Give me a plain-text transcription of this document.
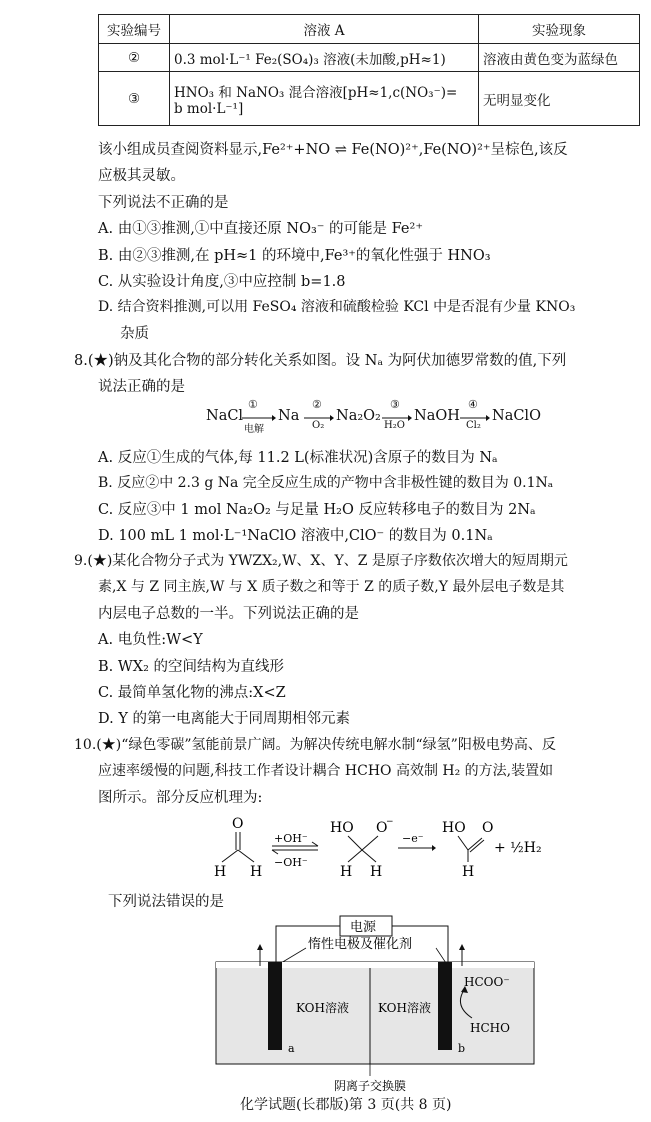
实验编号	溶液 A	实验现象
②	0.3 mol·L⁻¹ Fe₂(SO₄)₃ 溶液(未加酸,pH≈1)	溶液由黄色变为蓝绿色
③	HNO₃ 和 NaNO₃ 混合溶液[pH≈1,c(NO₃⁻)=
b mol·L⁻¹]	无明显变化
该小组成员查阅资料显示,Fe²⁺+NO ⇌ Fe(NO)²⁺,Fe(NO)²⁺呈棕色,该反
应极其灵敏。
下列说法不正确的是
A. 由①③推测,①中直接还原 NO₃⁻ 的可能是 Fe²⁺
B. 由②③推测,在 pH≈1 的环境中,Fe³⁺的氧化性强于 HNO₃
C. 从实验设计角度,③中应控制 b=1.8
D. 结合资料推测,可以用 FeSO₄ 溶液和硫酸检验 KCl 中是否混有少量 KNO₃
杂质
8.(★)钠及其化合物的部分转化关系如图。设 Nₐ 为阿伏加德罗常数的值,下列
说法正确的是
NaCl
①
电解
Na
②
O₂
Na₂O₂
③
H₂O
NaOH
④
Cl₂
NaClO
A. 反应①生成的气体,每 11.2 L(标准状况)含原子的数目为 Nₐ
B. 反应②中 2.3 g Na 完全反应生成的产物中含非极性键的数目为 0.1Nₐ
C. 反应③中 1 mol Na₂O₂ 与足量 H₂O 反应转移电子的数目为 2Nₐ
D. 100 mL 1 mol·L⁻¹NaClO 溶液中,ClO⁻ 的数目为 0.1Nₐ
9.(★)某化合物分子式为 YWZX₂,W、X、Y、Z 是原子序数依次增大的短周期元
素,X 与 Z 同主族,W 与 X 质子数之和等于 Z 的质子数,Y 最外层电子数是其
内层电子总数的一半。下列说法正确的是
A. 电负性:W<Y
B. WX₂ 的空间结构为直线形
C. 最简单氢化物的沸点:X<Z
D. Y 的第一电离能大于同周期相邻元素
10.(★)“绿色零碳”氢能前景广阔。为解决传统电解水制“绿氢”阳极电势高、反
应速率缓慢的问题,科技工作者设计耦合 HCHO 高效制 H₂ 的方法,装置如
图所示。部分反应机理为:
O
H H
+OH⁻
−OH⁻
HO O
−
H H
−e⁻
HO O
H
+ ½H₂
下列说法错误的是
电源
惰性电极及催化剂
a	b
KOH溶液 KOH溶液
HCOO⁻
HCHO
阴离子交换膜
化学试题(长郡版)第 3 页(共 8 页)
